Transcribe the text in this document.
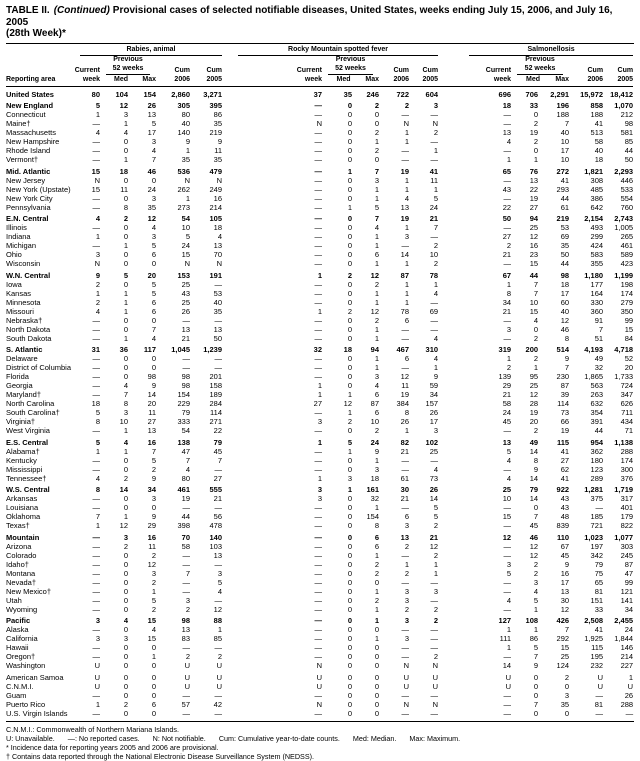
TABLE II. (Continued) Provisional cases of selected notifiable diseases, United States, weeks ending July 15, 2006, and July 16, 2005
(28th Week)*

	Rabies, animal					Rocky Mountain spotted fever					Salmonellosis				

Reporting area
Current
week

Previous
52 weeks
Med	Max

Cum
2006

Cum
2005

Current
week

Previous
52 weeks
Med	Max

Cum
2006

Cum
2005

Current
week

Previous
52 weeks
Med	Max

Cum
2006

Cum
2005

United States	80	104	154	2,860	3,271	37	35	246	722	604	696	706	2,291	15,972	18,412
New England	5	12	26	305	395	—	0	2	2	3	18	33	196	858	1,070
Connecticut	1	3	13	80	86	—	0	0	—	—	—	0	188	188	212
Maine†	—	1	5	40	35	N	0	0	N	N	—	2	7	41	98
Massachusetts	4	4	17	140	219	—	0	2	1	2	13	19	40	513	581
New Hampshire	—	0	3	9	9	—	0	1	1	—	4	2	10	58	85
Rhode Island	—	0	4	1	11	—	0	2	—	1	—	0	17	40	44
Vermont†	—	1	7	35	35	—	0	0	—	—	1	1	10	18	50
Mid. Atlantic	15	18	46	536	479	—	1	7	19	41	65	76	272	1,821	2,293
New Jersey	N	0	0	N	N	—	0	3	1	11	—	13	41	308	446
New York (Upstate)	15	11	24	262	249	—	0	1	1	1	43	22	293	485	533
New York City	—	0	3	1	16	—	0	1	4	5	—	19	44	386	554
Pennsylvania	—	8	35	273	214	—	1	5	13	24	22	27	61	642	760
E.N. Central	4	2	12	54	105	—	0	7	19	21	50	94	219	2,154	2,743
Illinois	—	0	4	10	18	—	0	4	1	7	—	25	53	493	1,005
Indiana	1	0	3	5	4	—	0	1	3	—	27	12	69	299	265
Michigan	—	1	5	24	13	—	0	1	—	2	2	16	35	424	461
Ohio	3	0	6	15	70	—	0	6	14	10	21	23	50	583	589
Wisconsin	N	0	0	N	N	—	0	1	1	2	—	15	44	355	423
W.N. Central	9	5	20	153	191	1	2	12	87	78	67	44	98	1,180	1,199
Iowa	2	0	5	25	—	—	0	2	1	1	1	7	18	177	198
Kansas	1	1	5	43	53	—	0	1	1	4	8	7	17	164	174
Minnesota	2	1	6	25	40	—	0	1	1	—	34	10	60	330	279
Missouri	4	1	6	26	35	1	2	12	78	69	21	15	40	360	350
Nebraska†	—	0	0	—	—	—	0	2	6	—	—	4	12	91	99
North Dakota	—	0	7	13	13	—	0	1	—	—	3	0	46	7	15
South Dakota	—	1	4	21	50	—	0	1	—	4	—	2	8	51	84
S. Atlantic	31	36	117	1,045	1,239	32	18	94	467	310	319	200	514	4,193	4,718
Delaware	—	0	0	—	—	—	0	1	6	4	1	2	9	49	52
District of Columbia	—	0	0	—	—	—	0	1	—	1	2	1	7	32	20
Florida	—	0	98	98	201	—	0	3	12	9	139	95	230	1,865	1,733
Georgia	—	4	9	98	158	1	0	4	11	59	29	25	87	563	724
Maryland†	—	7	14	154	189	1	1	6	19	34	21	12	39	263	347
North Carolina	18	8	20	229	284	27	12	87	384	157	58	28	114	632	626
South Carolina†	5	3	11	79	114	—	1	6	8	26	24	19	73	354	711
Virginia†	8	10	27	333	271	3	2	10	26	17	45	20	66	391	434
West Virginia	—	1	13	54	22	—	0	2	1	3	—	2	19	44	71
E.S. Central	5	4	16	138	79	1	5	24	82	102	13	49	115	954	1,138
Alabama†	1	1	7	47	45	—	1	9	21	25	5	14	41	362	288
Kentucky	—	0	5	7	7	—	0	1	—	—	4	8	27	180	174
Mississippi	—	0	2	4	—	—	0	3	—	4	—	9	62	123	300
Tennessee†	4	2	9	80	27	1	3	18	61	73	4	14	41	289	376
W.S. Central	8	14	34	461	555	3	1	161	30	26	25	79	922	1,281	1,719
Arkansas	—	0	3	19	21	3	0	32	21	14	10	14	43	375	317
Louisiana	—	0	0	—	—	—	0	1	—	5	—	0	43	—	401
Oklahoma	7	1	9	44	56	—	0	154	6	5	15	7	48	185	179
Texas†	1	12	29	398	478	—	0	8	3	2	—	45	839	721	822
Mountain	—	3	16	70	140	—	0	6	13	21	12	46	110	1,023	1,077
Arizona	—	2	11	58	103	—	0	6	2	12	—	12	67	197	303
Colorado	—	0	2	—	13	—	0	1	—	2	—	12	45	342	245
Idaho†	—	0	12	—	—	—	0	2	1	1	3	2	9	79	87
Montana	—	0	3	7	3	—	0	2	2	1	5	2	16	75	47
Nevada†	—	0	2	—	5	—	0	0	—	—	—	3	17	65	99
New Mexico†	—	0	1	—	4	—	0	1	3	3	—	4	13	81	121
Utah	—	0	5	3	—	—	0	2	3	—	4	5	30	151	141
Wyoming	—	0	2	2	12	—	0	1	2	2	—	1	12	33	34
Pacific	3	4	15	98	88	—	0	1	3	2	127	108	426	2,508	2,455
Alaska	—	0	4	13	1	—	0	0	—	—	1	1	7	41	24
California	3	3	15	83	85	—	0	1	3	—	111	86	292	1,925	1,844
Hawaii	—	0	0	—	—	—	0	0	—	—	1	5	15	115	146
Oregon†	—	0	1	2	2	—	0	0	—	2	—	7	25	195	214
Washington	U	0	0	U	U	N	0	0	N	N	14	9	124	232	227
American Samoa	U	0	0	U	U	U	0	0	U	U	U	0	2	U	1
C.N.M.I.	U	0	0	U	U	U	0	0	U	U	U	0	0	U	U
Guam	—	0	0	—	—	—	0	0	—	—	—	0	3	—	26
Puerto Rico	1	2	6	57	42	N	0	0	N	N	—	7	35	81	288
U.S. Virgin Islands	—	0	0	—	—	—	0	0	—	—	—	0	0	—	—
C.N.M.I.: Commonwealth of Northern Mariana Islands.
U: Unavailable. —: No reported cases. N: Not notifiable. Cum: Cumulative year-to-date counts. Med: Median. Max: Maximum.
* Incidence data for reporting years 2005 and 2006 are provisional.
† Contains data reported through the National Electronic Disease Surveillance System (NEDSS).
